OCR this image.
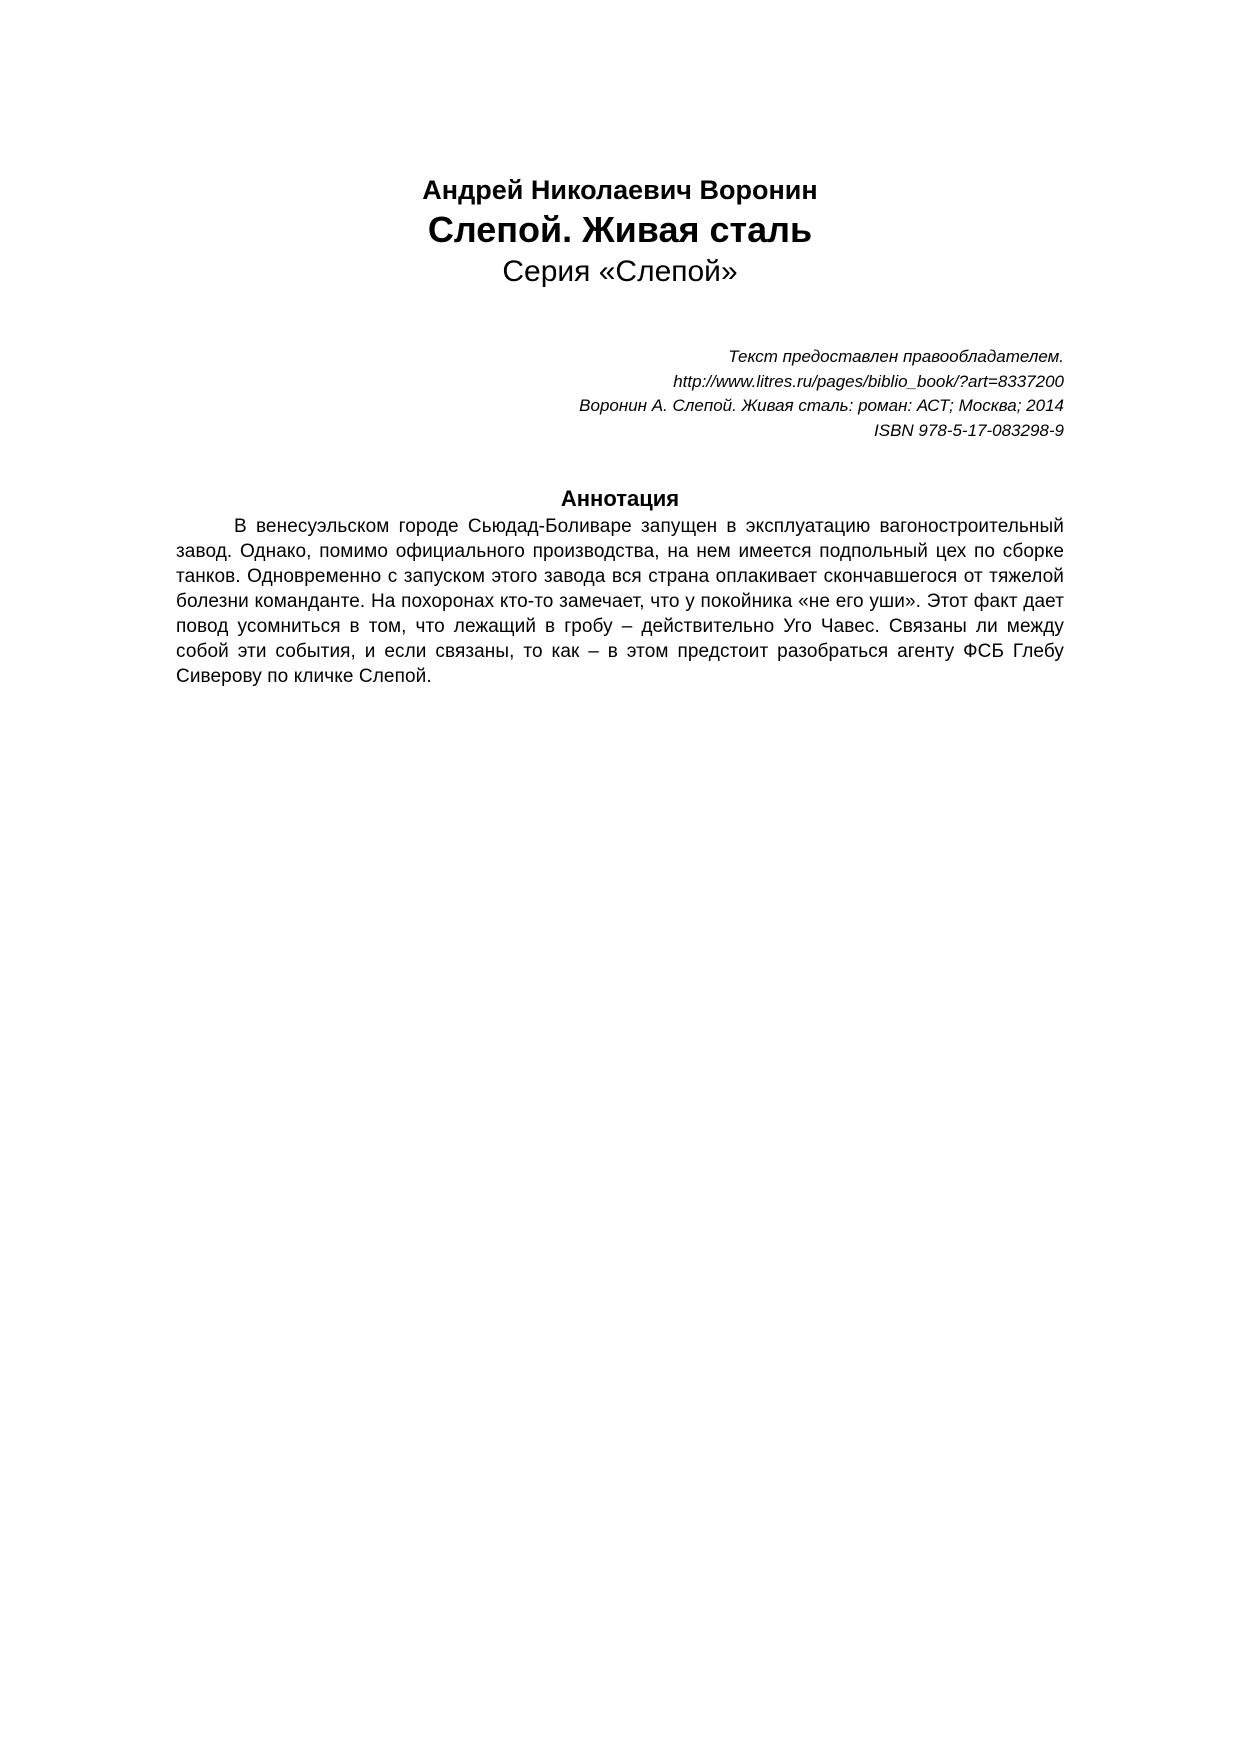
Андрей Николаевич Воронин
Слепой. Живая сталь
Серия «Слепой»
Текст предоставлен правообладателем.
http://www.litres.ru/pages/biblio_book/?art=8337200
Воронин А. Слепой. Живая сталь: роман: АСТ; Москва; 2014
ISBN 978-5-17-083298-9
Аннотация

В венесуэльском городе Сьюдад-Боливаре запущен в эксплуатацию вагоностроительный завод. Однако, помимо официального производства, на нем имеется подпольный цех по сборке танков. Одновременно с запуском этого завода вся страна оплакивает скончавшегося от тяжелой болезни команданте. На похоронах кто-то замечает, что у покойника «не его уши». Этот факт дает повод усомниться в том, что лежащий в гробу – действительно Уго Чавес. Связаны ли между собой эти события, и если связаны, то как – в этом предстоит разобраться агенту ФСБ Глебу Сиверову по кличке Слепой.
